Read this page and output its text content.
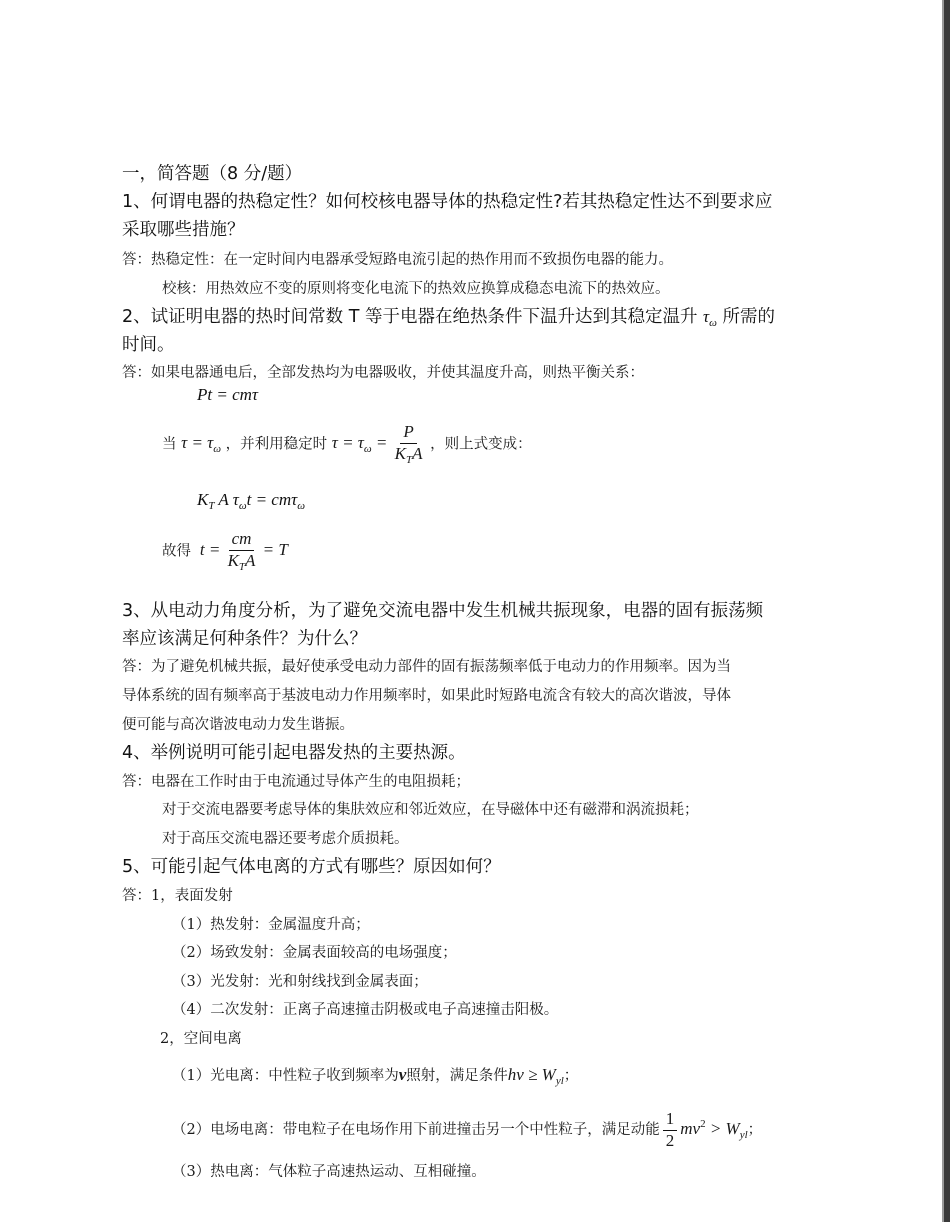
一，简答题（8 分/题）
1、何谓电器的热稳定性？如何校核电器导体的热稳定性?若其热稳定性达不到要求应
采取哪些措施？
答：热稳定性：在一定时间内电器承受短路电流引起的热作用而不致损伤电器的能力。
校核：用热效应不变的原则将变化电流下的热效应换算成稳态电流下的热效应。
2、试证明电器的热时间常数 T 等于电器在绝热条件下温升达到其稳定温升 $\tau_\omega$ 所需的
时间。
答：如果电器通电后，全部发热均为电器吸收，并使其温度升高，则热平衡关系：
Pt = cmτ
当 $\tau = \tau_\omega$ ，并利用稳定时 $\tau = \tau_\omega = \frac{P}{K_TA}$ ，则上式变成：
$K_T$ A $\tau_\omega t = cm\tau_\omega$
故得  $t = \frac{cm}{K_TA} = T$
3、从电动力角度分析，为了避免交流电器中发生机械共振现象，电器的固有振荡频
率应该满足何种条件？为什么？
答：为了避免机械共振，最好使承受电动力部件的固有振荡频率低于电动力的作用频率。因为当
导体系统的固有频率高于基波电动力作用频率时，如果此时短路电流含有较大的高次谐波，导体
便可能与高次谐波电动力发生谐振。
4、举例说明可能引起电器发热的主要热源。
答：电器在工作时由于电流通过导体产生的电阻损耗；
对于交流电器要考虑导体的集肤效应和邻近效应，在导磁体中还有磁滞和涡流损耗；
对于高压交流电器还要考虑介质损耗。
5、可能引起气体电离的方式有哪些？原因如何？
答：1，表面发射
（1）热发射：金属温度升高；
（2）场致发射：金属表面较高的电场强度；
（3）光发射：光和射线找到金属表面；
（4）二次发射：正离子高速撞击阴极或电子高速撞击阳极。
2，空间电离
（1）光电离：中性粒子收到频率为ν照射，满足条件$h\nu \ge W_{yl}$；
（2）电场电离：带电粒子在电场作用下前进撞击另一个中性粒子，满足动能 $\frac{1}{2} mv^2 > W_{yl}$；
（3）热电离：气体粒子高速热运动、互相碰撞。
